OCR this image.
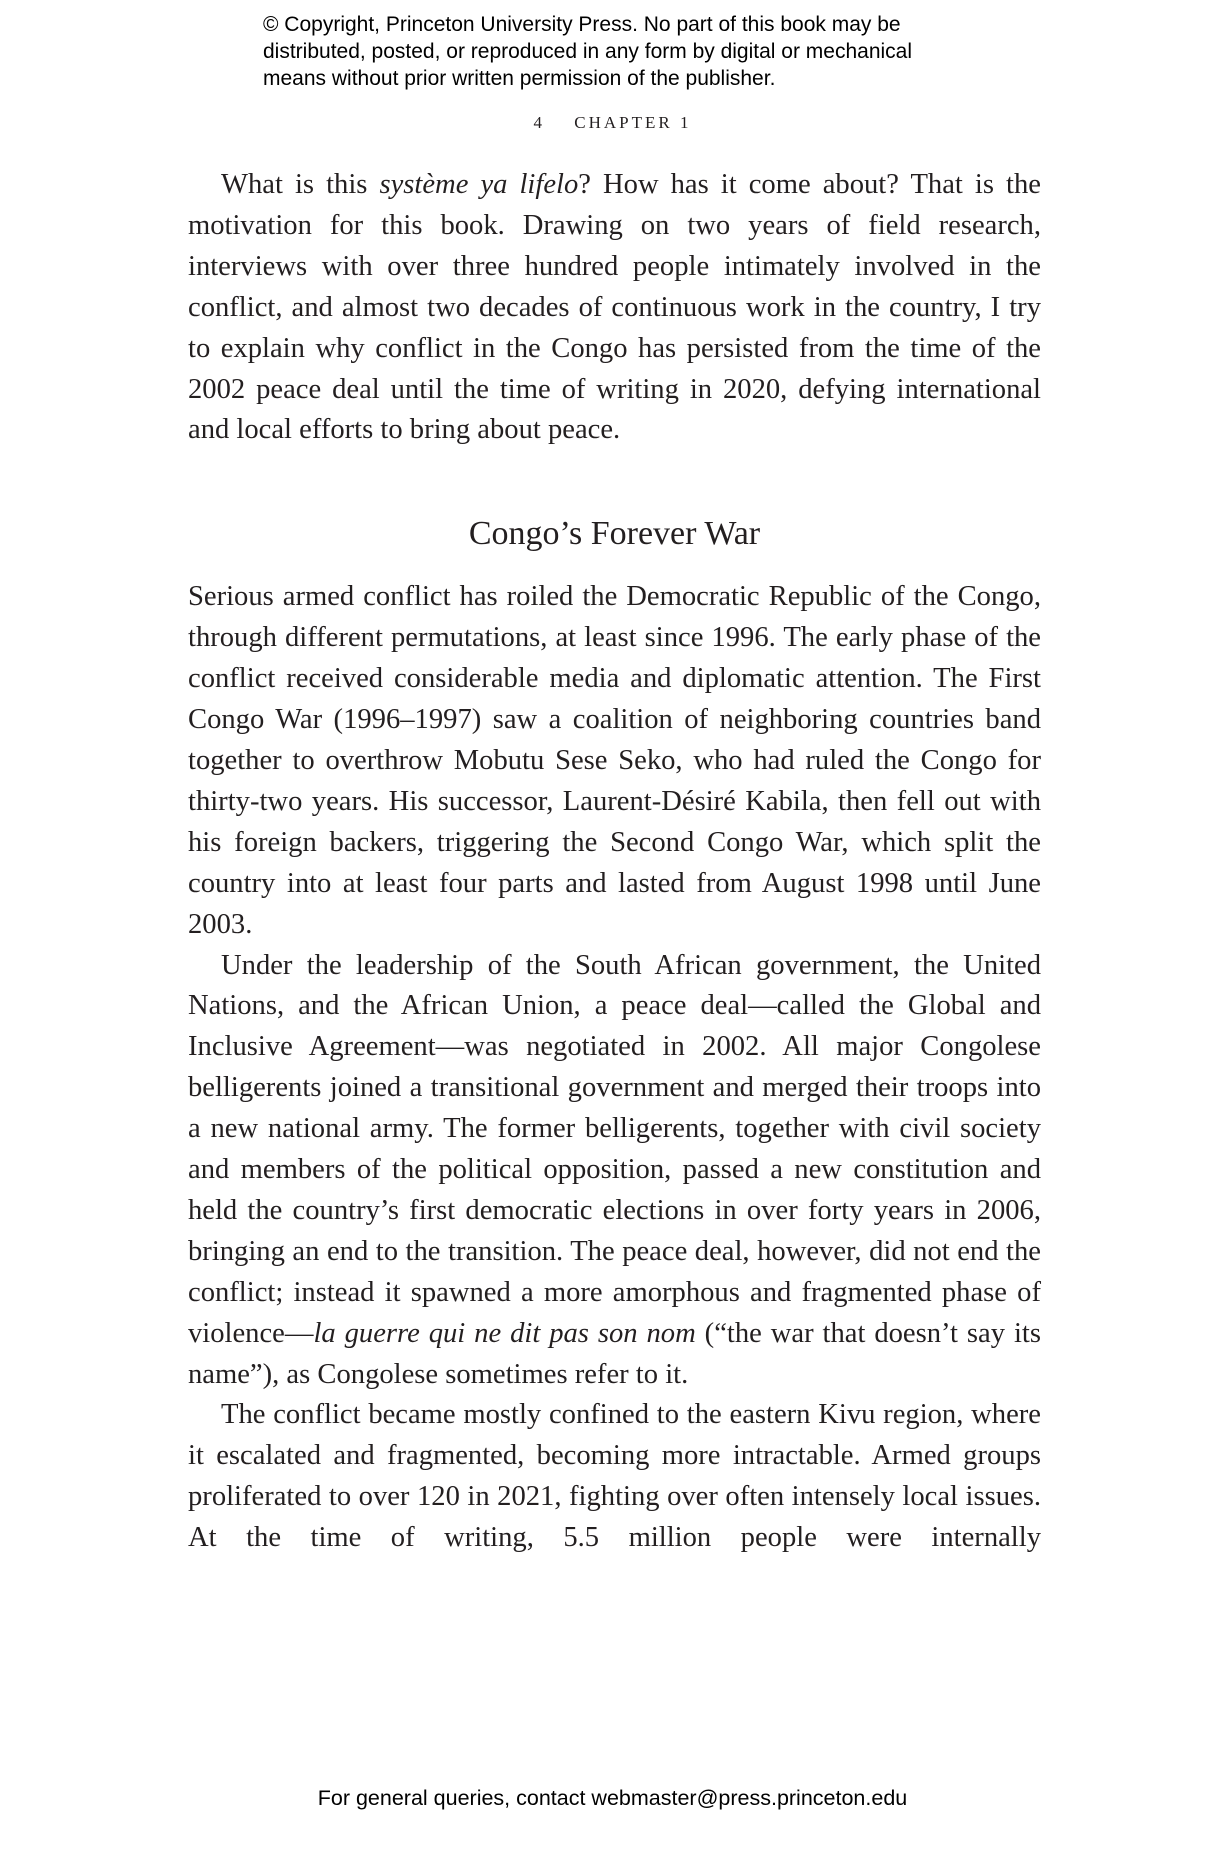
© Copyright, Princeton University Press. No part of this book may be
distributed, posted, or reproduced in any form by digital or mechanical
means without prior written permission of the publisher.
4 CHAPTER 1

What is this système ya lifelo? How has it come about? That is the motivation for this book. Drawing on two years of field research, interviews with over three hundred people intimately involved in the conflict, and almost two decades of continuous work in the country, I try to explain why conflict in the Congo has persisted from the time of the 2002 peace deal until the time of writing in 2020, defying international and local efforts to bring about peace.

Congo’s Forever War

Serious armed conflict has roiled the Democratic Republic of the Congo, through different permutations, at least since 1996. The early phase of the conflict received considerable media and diplomatic attention. The First Congo War (1996–1997) saw a coalition of neighboring countries band together to overthrow Mobutu Sese Seko, who had ruled the Congo for thirty-two years. His successor, Laurent-Désiré Kabila, then fell out with his foreign backers, triggering the Second Congo War, which split the country into at least four parts and lasted from August 1998 until June 2003.

Under the leadership of the South African government, the United Nations, and the African Union, a peace deal—called the Global and Inclusive Agreement—was negotiated in 2002. All major Congolese belligerents joined a transitional government and merged their troops into a new national army. The former belligerents, together with civil society and members of the political opposition, passed a new constitution and held the country’s first democratic elections in over forty years in 2006, bringing an end to the transition. The peace deal, however, did not end the conflict; instead it spawned a more amorphous and fragmented phase of violence—la guerre qui ne dit pas son nom (“the war that doesn’t say its name”), as Congolese sometimes refer to it.

The conflict became mostly confined to the eastern Kivu region, where it escalated and fragmented, becoming more intractable. Armed groups proliferated to over 120 in 2021, fighting over often intensely local issues. At the time of writing, 5.5 million people were internally

For general queries, contact webmaster@press.princeton.edu
